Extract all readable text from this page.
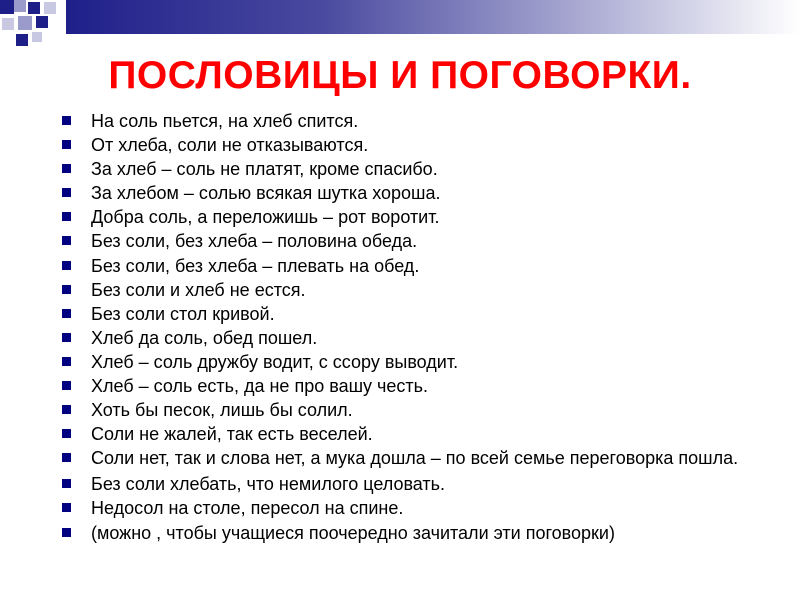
ПОСЛОВИЦЫ И ПОГОВОРКИ.
На соль пьется, на хлеб спится.
От хлеба, соли не отказываются.
За хлеб – соль не платят, кроме спасибо.
За хлебом – солью всякая шутка хороша.
Добра соль, а переложишь – рот воротит.
Без соли, без хлеба – половина обеда.
Без соли, без хлеба – плевать на обед.
Без соли и хлеб не естся.
Без соли стол кривой.
Хлеб да соль, обед пошел.
Хлеб – соль дружбу водит, с ссору выводит.
Хлеб – соль есть, да не про вашу честь.
Хоть бы песок, лишь бы солил.
Соли не жалей, так есть веселей.
Соли нет, так и слова нет, а мука дошла – по всей семье переговорка пошла.
Без соли хлебать, что немилого целовать.
Недосол на столе, пересол на спине.
(можно , чтобы учащиеся поочередно зачитали эти поговорки)
